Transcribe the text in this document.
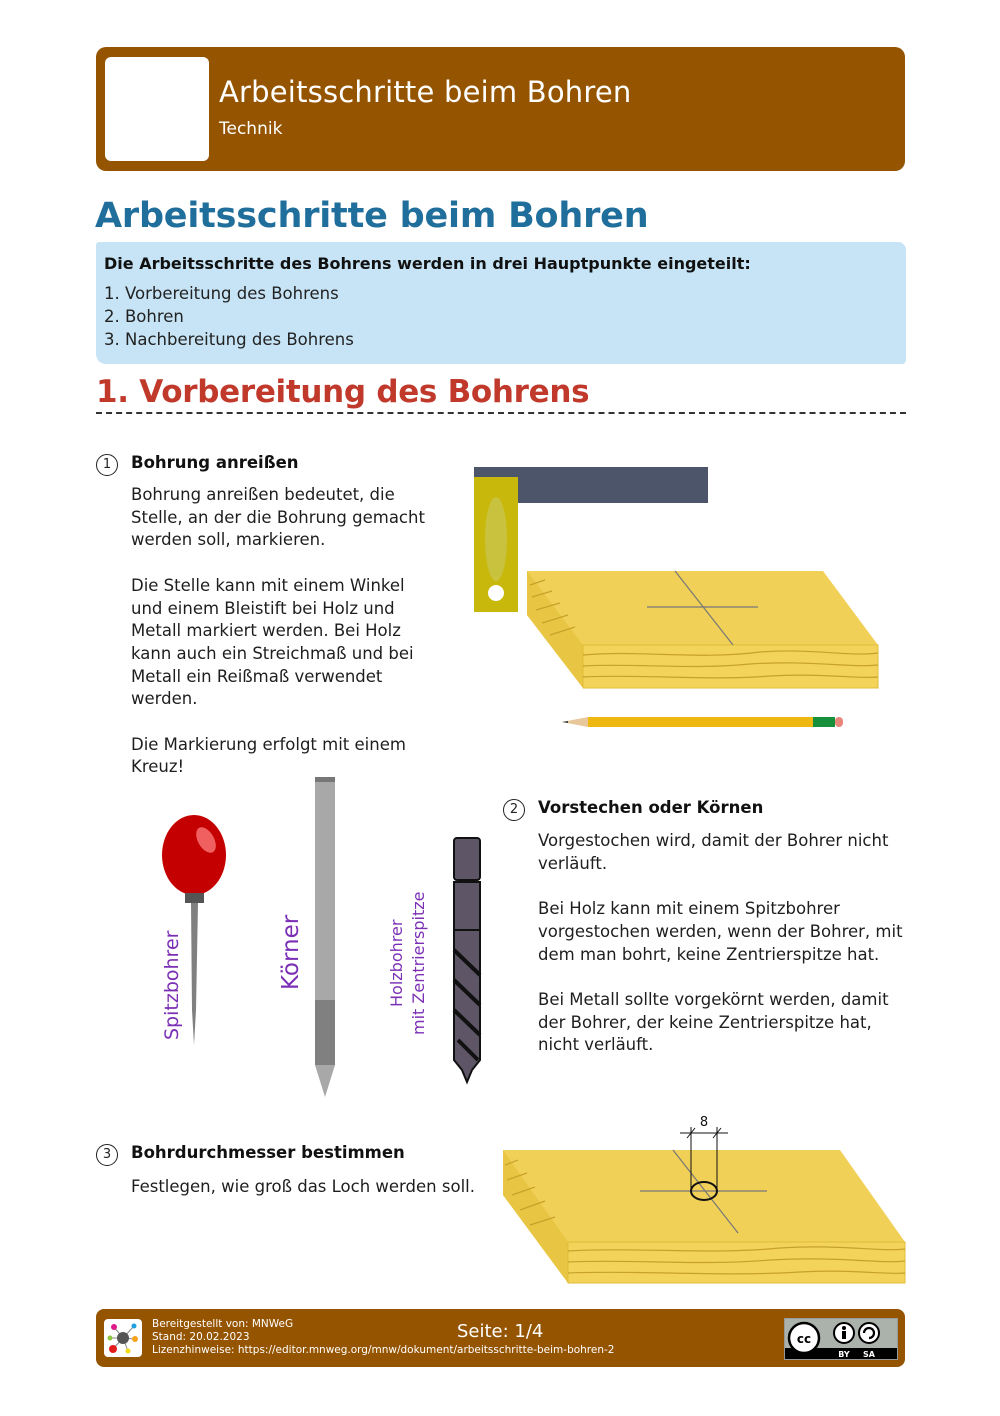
Arbeitsschritte beim Bohren
Technik
Arbeitsschritte beim Bohren
Die Arbeitsschritte des Bohrens werden in drei Hauptpunkte eingeteilt:
1. Vorbereitung des Bohrens
2. Bohren
3. Nachbereitung des Bohrens
1. Vorbereitung des Bohrens
1	Bohrung anreißen

Bohrung anreißen bedeutet, die Stelle, an der die Bohrung gemacht werden soll, markieren.

Die Stelle kann mit einem Winkel und einem Bleistift bei Holz und Metall markiert werden. Bei Holz kann auch ein Streichmaß und bei Metall ein Reißmaß verwendet werden.

Die Markierung erfolgt mit einem Kreuz!

Spitzbohrer	Körner	Holzbohrer mit Zentrierspitze
2	Vorstechen oder Körnen

Vorgestochen wird, damit der Bohrer nicht verläuft.

Bei Holz kann mit einem Spitzbohrer vorgestochen werden, wenn der Bohrer, mit dem man bohrt, keine Zentrierspitze hat.

Bei Metall sollte vorgekörnt werden, damit der Bohrer, der keine Zentrierspitze hat, nicht verläuft.

3	Bohrdurchmesser bestimmen

Festlegen, wie groß das Loch werden soll.

8
Bereitgestellt von: MNWeG
Stand: 20.02.2023
Lizenzhinweise: https://editor.mnweg.org/mnw/dokument/arbeitsschritte-beim-bohren-2
Seite: 1/4	cc
BY SA
